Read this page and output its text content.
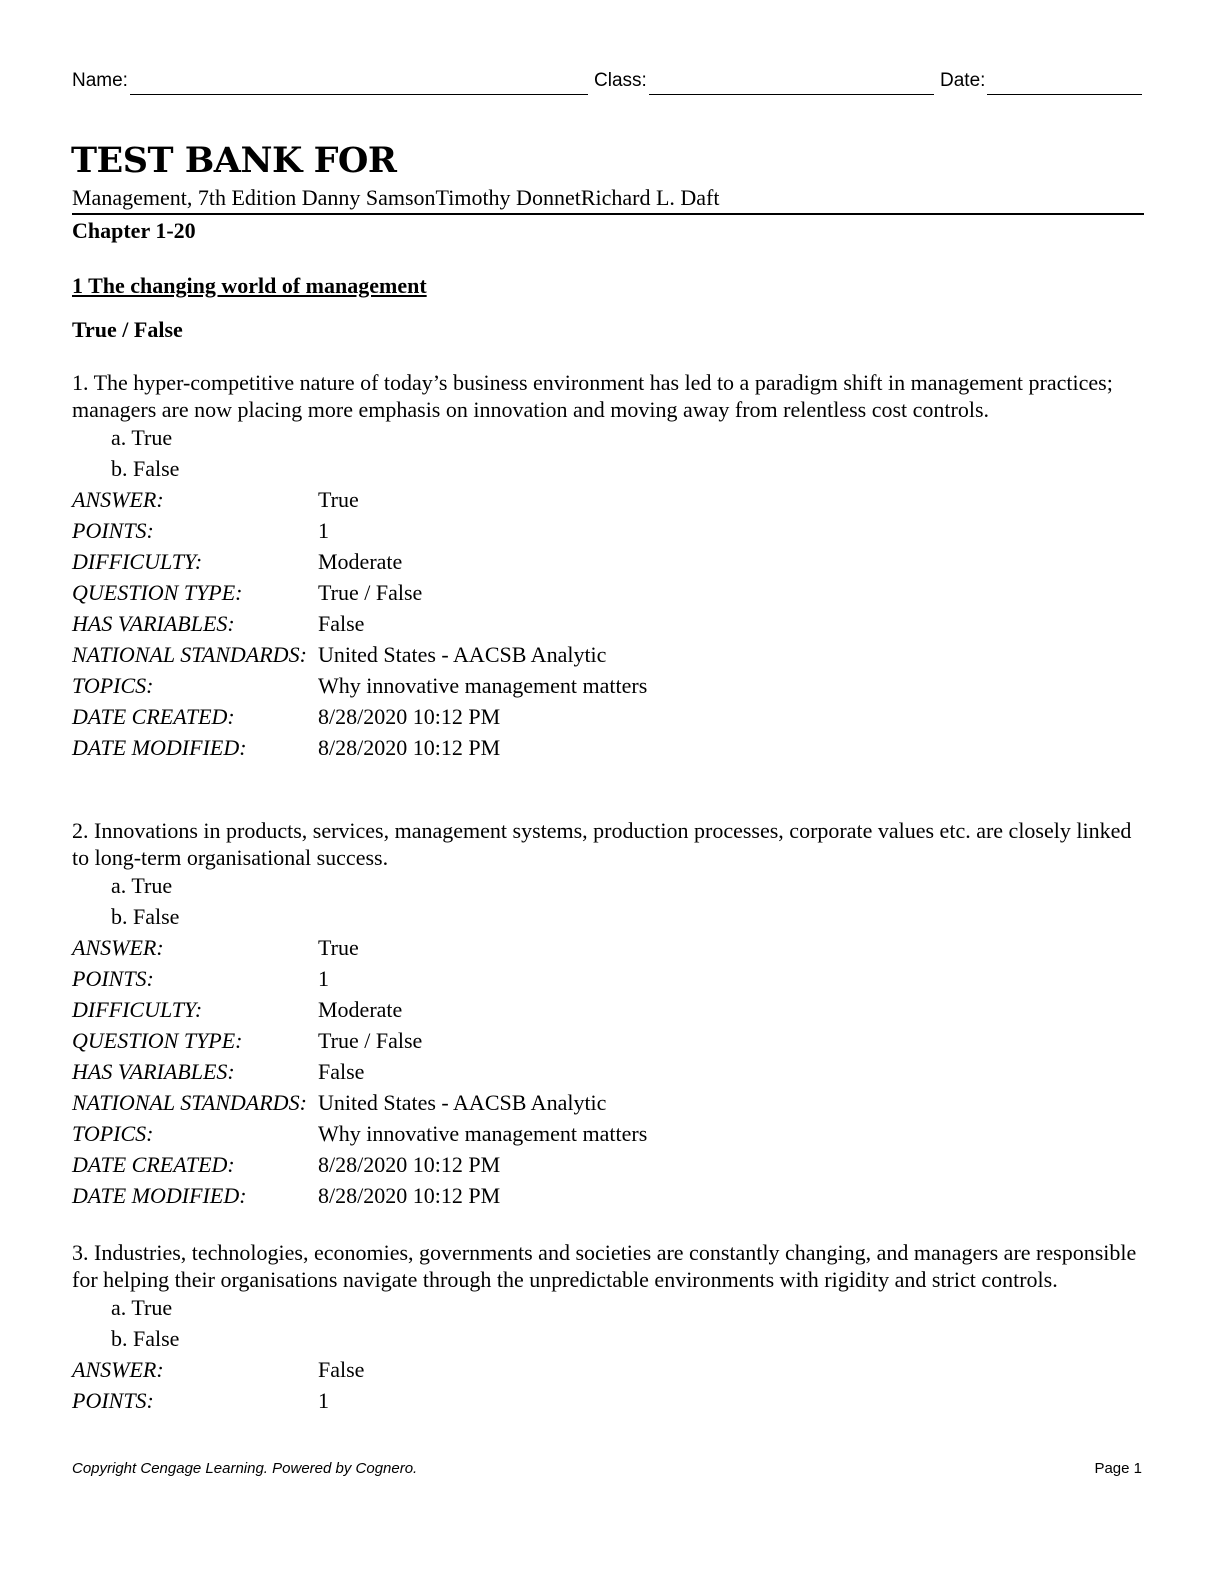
Name:	Class:	Date:
TEST BANK FOR
Management, 7th Edition Danny SamsonTimothy DonnetRichard L. Daft
Chapter 1-20
1 The changing world of management
True / False

1. The hyper-competitive nature of today’s business environment has led to a paradigm shift in management practices; managers are now placing more emphasis on innovation and moving away from relentless cost controls.

a. True

b. False

ANSWER:	True
POINTS:	1
DIFFICULTY:	Moderate
QUESTION TYPE:	True / False
HAS VARIABLES:	False
NATIONAL STANDARDS: United States - AACSB Analytic
TOPICS:	Why innovative management matters
DATE CREATED:	8/28/2020 10:12 PM
DATE MODIFIED:	8/28/2020 10:12 PM

2. Innovations in products, services, management systems, production processes, corporate values etc. are closely linked to long-term organisational success.

a. True

b. False

ANSWER:	True
POINTS:	1
DIFFICULTY:	Moderate
QUESTION TYPE:	True / False
HAS VARIABLES:	False
NATIONAL STANDARDS: United States - AACSB Analytic
TOPICS:	Why innovative management matters
DATE CREATED:	8/28/2020 10:12 PM
DATE MODIFIED:	8/28/2020 10:12 PM

3. Industries, technologies, economies, governments and societies are constantly changing, and managers are responsible for helping their organisations navigate through the unpredictable environments with rigidity and strict controls.

a. True

b. False

ANSWER:	False
POINTS:	1
Copyright Cengage Learning. Powered by Cognero.	Page 1
